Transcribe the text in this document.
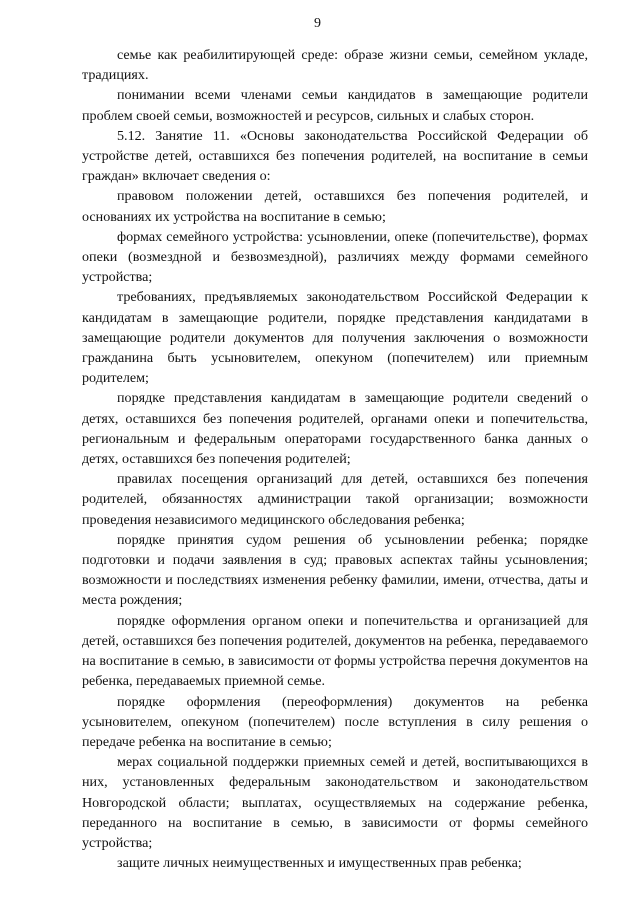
9

семье как реабилитирующей среде: образе жизни семьи, семейном укладе, традициях.

понимании всеми членами семьи кандидатов в замещающие родители проблем своей семьи, возможностей и ресурсов, сильных и слабых сторон.

5.12. Занятие 11. «Основы законодательства Российской Федерации об устройстве детей, оставшихся без попечения родителей, на воспитание в семьи граждан» включает сведения о:

правовом положении детей, оставшихся без попечения родителей, и основаниях их устройства на воспитание в семью;

формах семейного устройства: усыновлении, опеке (попечительстве), формах опеки (возмездной и безвозмездной), различиях между формами семейного устройства;

требованиях, предъявляемых законодательством Российской Федерации к кандидатам в замещающие родители, порядке представления кандидатами в замещающие родители документов для получения заключения о возможности гражданина быть усыновителем, опекуном (попечителем) или приемным родителем;

порядке представления кандидатам в замещающие родители сведений о детях, оставшихся без попечения родителей, органами опеки и попечительства, региональным и федеральным операторами государственного банка данных о детях, оставшихся без попечения родителей;

правилах посещения организаций для детей, оставшихся без попечения родителей, обязанностях администрации такой организации; возможности проведения независимого медицинского обследования ребенка;

порядке принятия судом решения об усыновлении ребенка; порядке подготовки и подачи заявления в суд; правовых аспектах тайны усыновления; возможности и последствиях изменения ребенку фамилии, имени, отчества, даты и места рождения;

порядке оформления органом опеки и попечительства и организацией для детей, оставшихся без попечения родителей, документов на ребенка, передаваемого на воспитание в семью, в зависимости от формы устройства перечня документов на ребенка, передаваемых приемной семье.

порядке оформления (переоформления) документов на ребенка усыновителем, опекуном (попечителем) после вступления в силу решения о передаче ребенка на воспитание в семью;

мерах социальной поддержки приемных семей и детей, воспитывающихся в них, установленных федеральным законодательством и законодательством Новгородской области; выплатах, осуществляемых на содержание ребенка, переданного на воспитание в семью, в зависимости от формы семейного устройства;

защите личных неимущественных и имущественных прав ребенка;
